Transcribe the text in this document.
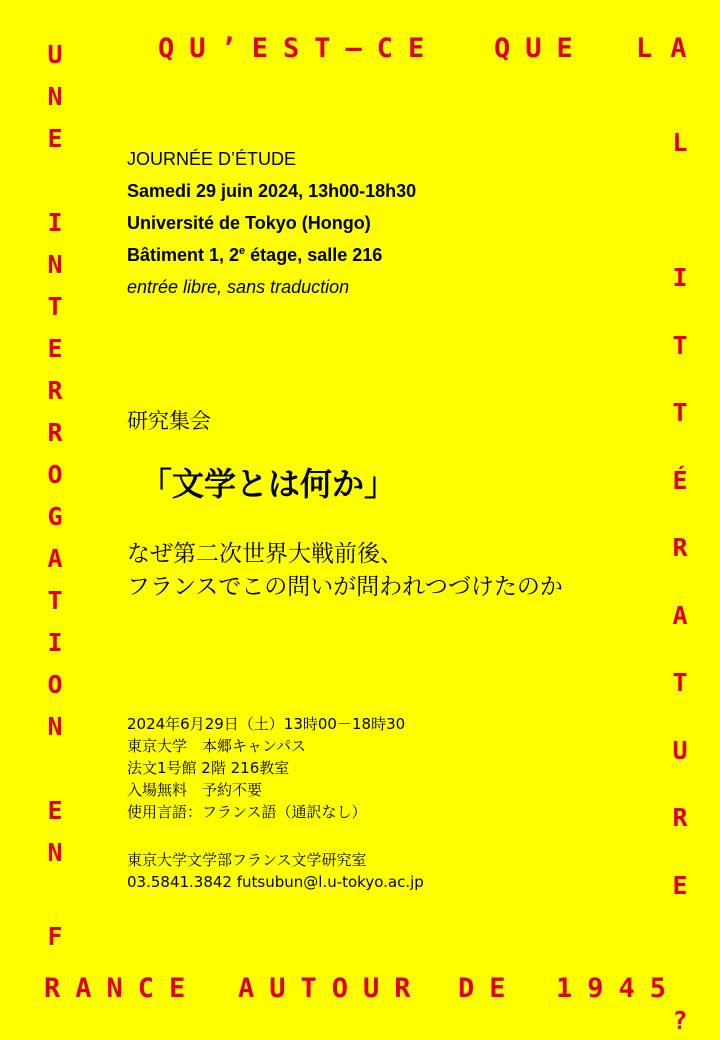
QU’EST–CE QUE LA
U
N
E
I
N
T
E
R
R
O
G
A
T
I
O
N
E
N
F
L
I
T
T
É
R
A
T
U
R
E
?
RANCE AUTOUR DE 1945
JOURNÉE D’ÉTUDE
Samedi 29 juin 2024, 13h00-18h30
Université de Tokyo (Hongo)
Bâtiment 1, 2e étage, salle 216
entrée libre, sans traduction
研究集会
「文学とは何か」
なぜ第二次世界大戦前後、
フランスでこの問いが問われつづけたのか
2024年6月29日（土）13時00－18時30
東京大学　本郷キャンパス
法文1号館 2階 216教室
入場無料　予約不要
使用言語：フランス語（通訳なし）
東京大学文学部フランス文学研究室
03.5841.3842 futsubun@l.u-tokyo.ac.jp
